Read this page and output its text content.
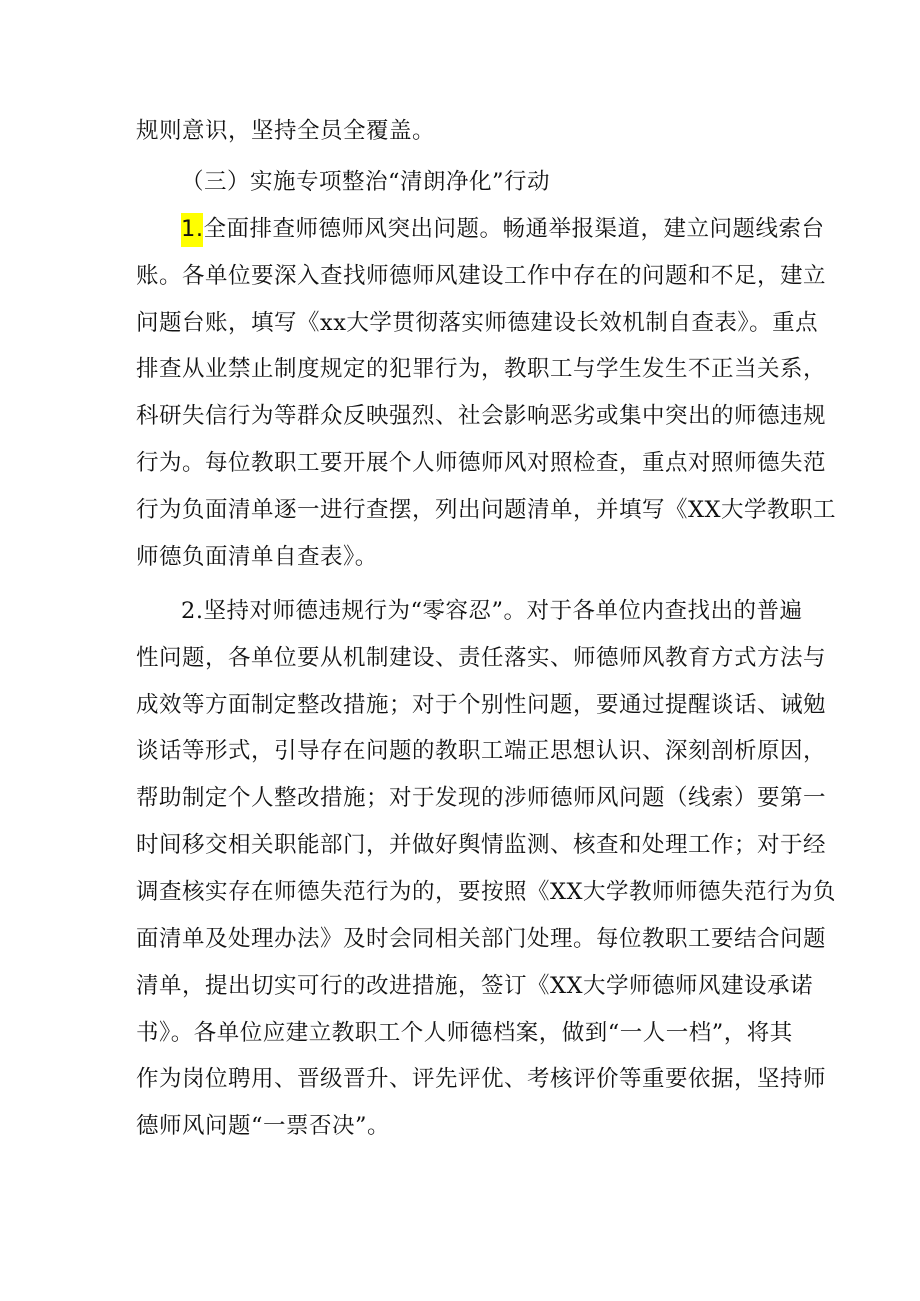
规则意识，坚持全员全覆盖。
（三）实施专项整治“清朗净化”行动
1.全面排查师德师风突出问题。畅通举报渠道，建立问题线索台
账。各单位要深入查找师德师风建设工作中存在的问题和不足，建立
问题台账，填写《xx大学贯彻落实师德建设长效机制自查表》。重点
排查从业禁止制度规定的犯罪行为，教职工与学生发生不正当关系，
科研失信行为等群众反映强烈、社会影响恶劣或集中突出的师德违规
行为。每位教职工要开展个人师德师风对照检查，重点对照师德失范
行为负面清单逐一进行查摆，列出问题清单，并填写《XX大学教职工
师德负面清单自查表》。
2.坚持对师德违规行为“零容忍”。对于各单位内查找出的普遍
性问题，各单位要从机制建设、责任落实、师德师风教育方式方法与
成效等方面制定整改措施；对于个别性问题，要通过提醒谈话、诫勉
谈话等形式，引导存在问题的教职工端正思想认识、深刻剖析原因，
帮助制定个人整改措施；对于发现的涉师德师风问题（线索）要第一
时间移交相关职能部门，并做好舆情监测、核查和处理工作；对于经
调查核实存在师德失范行为的，要按照《XX大学教师师德失范行为负
面清单及处理办法》及时会同相关部门处理。每位教职工要结合问题
清单，提出切实可行的改进措施，签订《XX大学师德师风建设承诺
书》。各单位应建立教职工个人师德档案，做到“一人一档”，将其
作为岗位聘用、晋级晋升、评先评优、考核评价等重要依据，坚持师
德师风问题“一票否决”。
